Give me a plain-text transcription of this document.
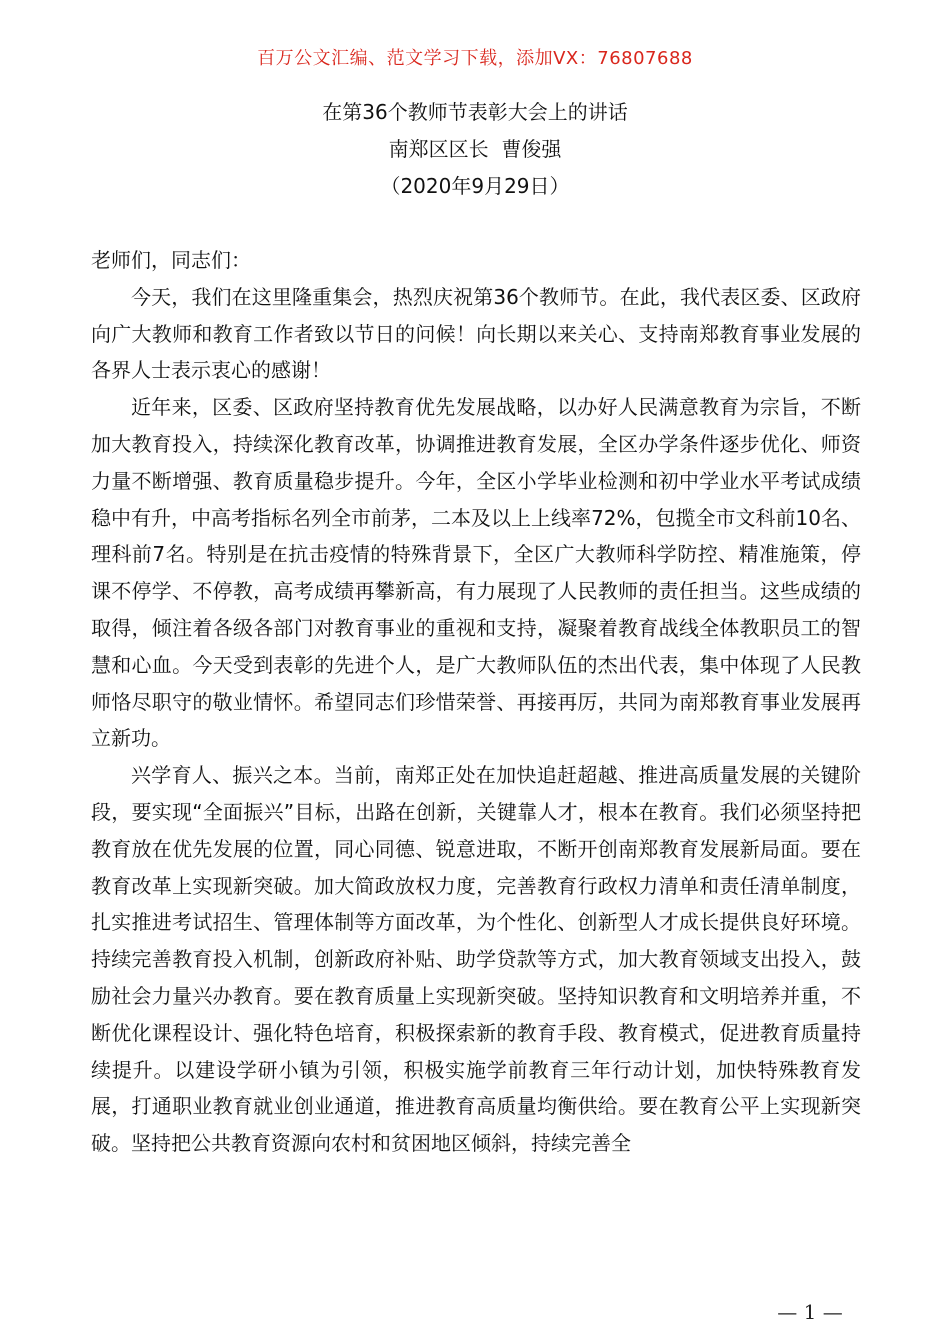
百万公文汇编、范文学习下载，添加VX：76807688
在第36个教师节表彰大会上的讲话
南郑区区长  曹俊强
（2020年9月29日）

老师们，同志们：

今天，我们在这里隆重集会，热烈庆祝第36个教师节。在此，我代表区委、区政府向广大教师和教育工作者致以节日的问候！向长期以来关心、支持南郑教育事业发展的各界人士表示衷心的感谢！

近年来，区委、区政府坚持教育优先发展战略，以办好人民满意教育为宗旨，不断加大教育投入，持续深化教育改革，协调推进教育发展，全区办学条件逐步优化、师资力量不断增强、教育质量稳步提升。今年，全区小学毕业检测和初中学业水平考试成绩稳中有升，中高考指标名列全市前茅，二本及以上上线率72%，包揽全市文科前10名、理科前7名。特别是在抗击疫情的特殊背景下，全区广大教师科学防控、精准施策，停课不停学、不停教，高考成绩再攀新高，有力展现了人民教师的责任担当。这些成绩的取得，倾注着各级各部门对教育事业的重视和支持，凝聚着教育战线全体教职员工的智慧和心血。今天受到表彰的先进个人，是广大教师队伍的杰出代表，集中体现了人民教师恪尽职守的敬业情怀。希望同志们珍惜荣誉、再接再厉，共同为南郑教育事业发展再立新功。

兴学育人、振兴之本。当前，南郑正处在加快追赶超越、推进高质量发展的关键阶段，要实现“全面振兴”目标，出路在创新，关键靠人才，根本在教育。我们必须坚持把教育放在优先发展的位置，同心同德、锐意进取，不断开创南郑教育发展新局面。要在教育改革上实现新突破。加大简政放权力度，完善教育行政权力清单和责任清单制度，扎实推进考试招生、管理体制等方面改革，为个性化、创新型人才成长提供良好环境。持续完善教育投入机制，创新政府补贴、助学贷款等方式，加大教育领域支出投入，鼓励社会力量兴办教育。要在教育质量上实现新突破。坚持知识教育和文明培养并重，不断优化课程设计、强化特色培育，积极探索新的教育手段、教育模式，促进教育质量持续提升。以建设学研小镇为引领，积极实施学前教育三年行动计划，加快特殊教育发展，打通职业教育就业创业通道，推进教育高质量均衡供给。要在教育公平上实现新突破。坚持把公共教育资源向农村和贫困地区倾斜，持续完善全

— 1 —
